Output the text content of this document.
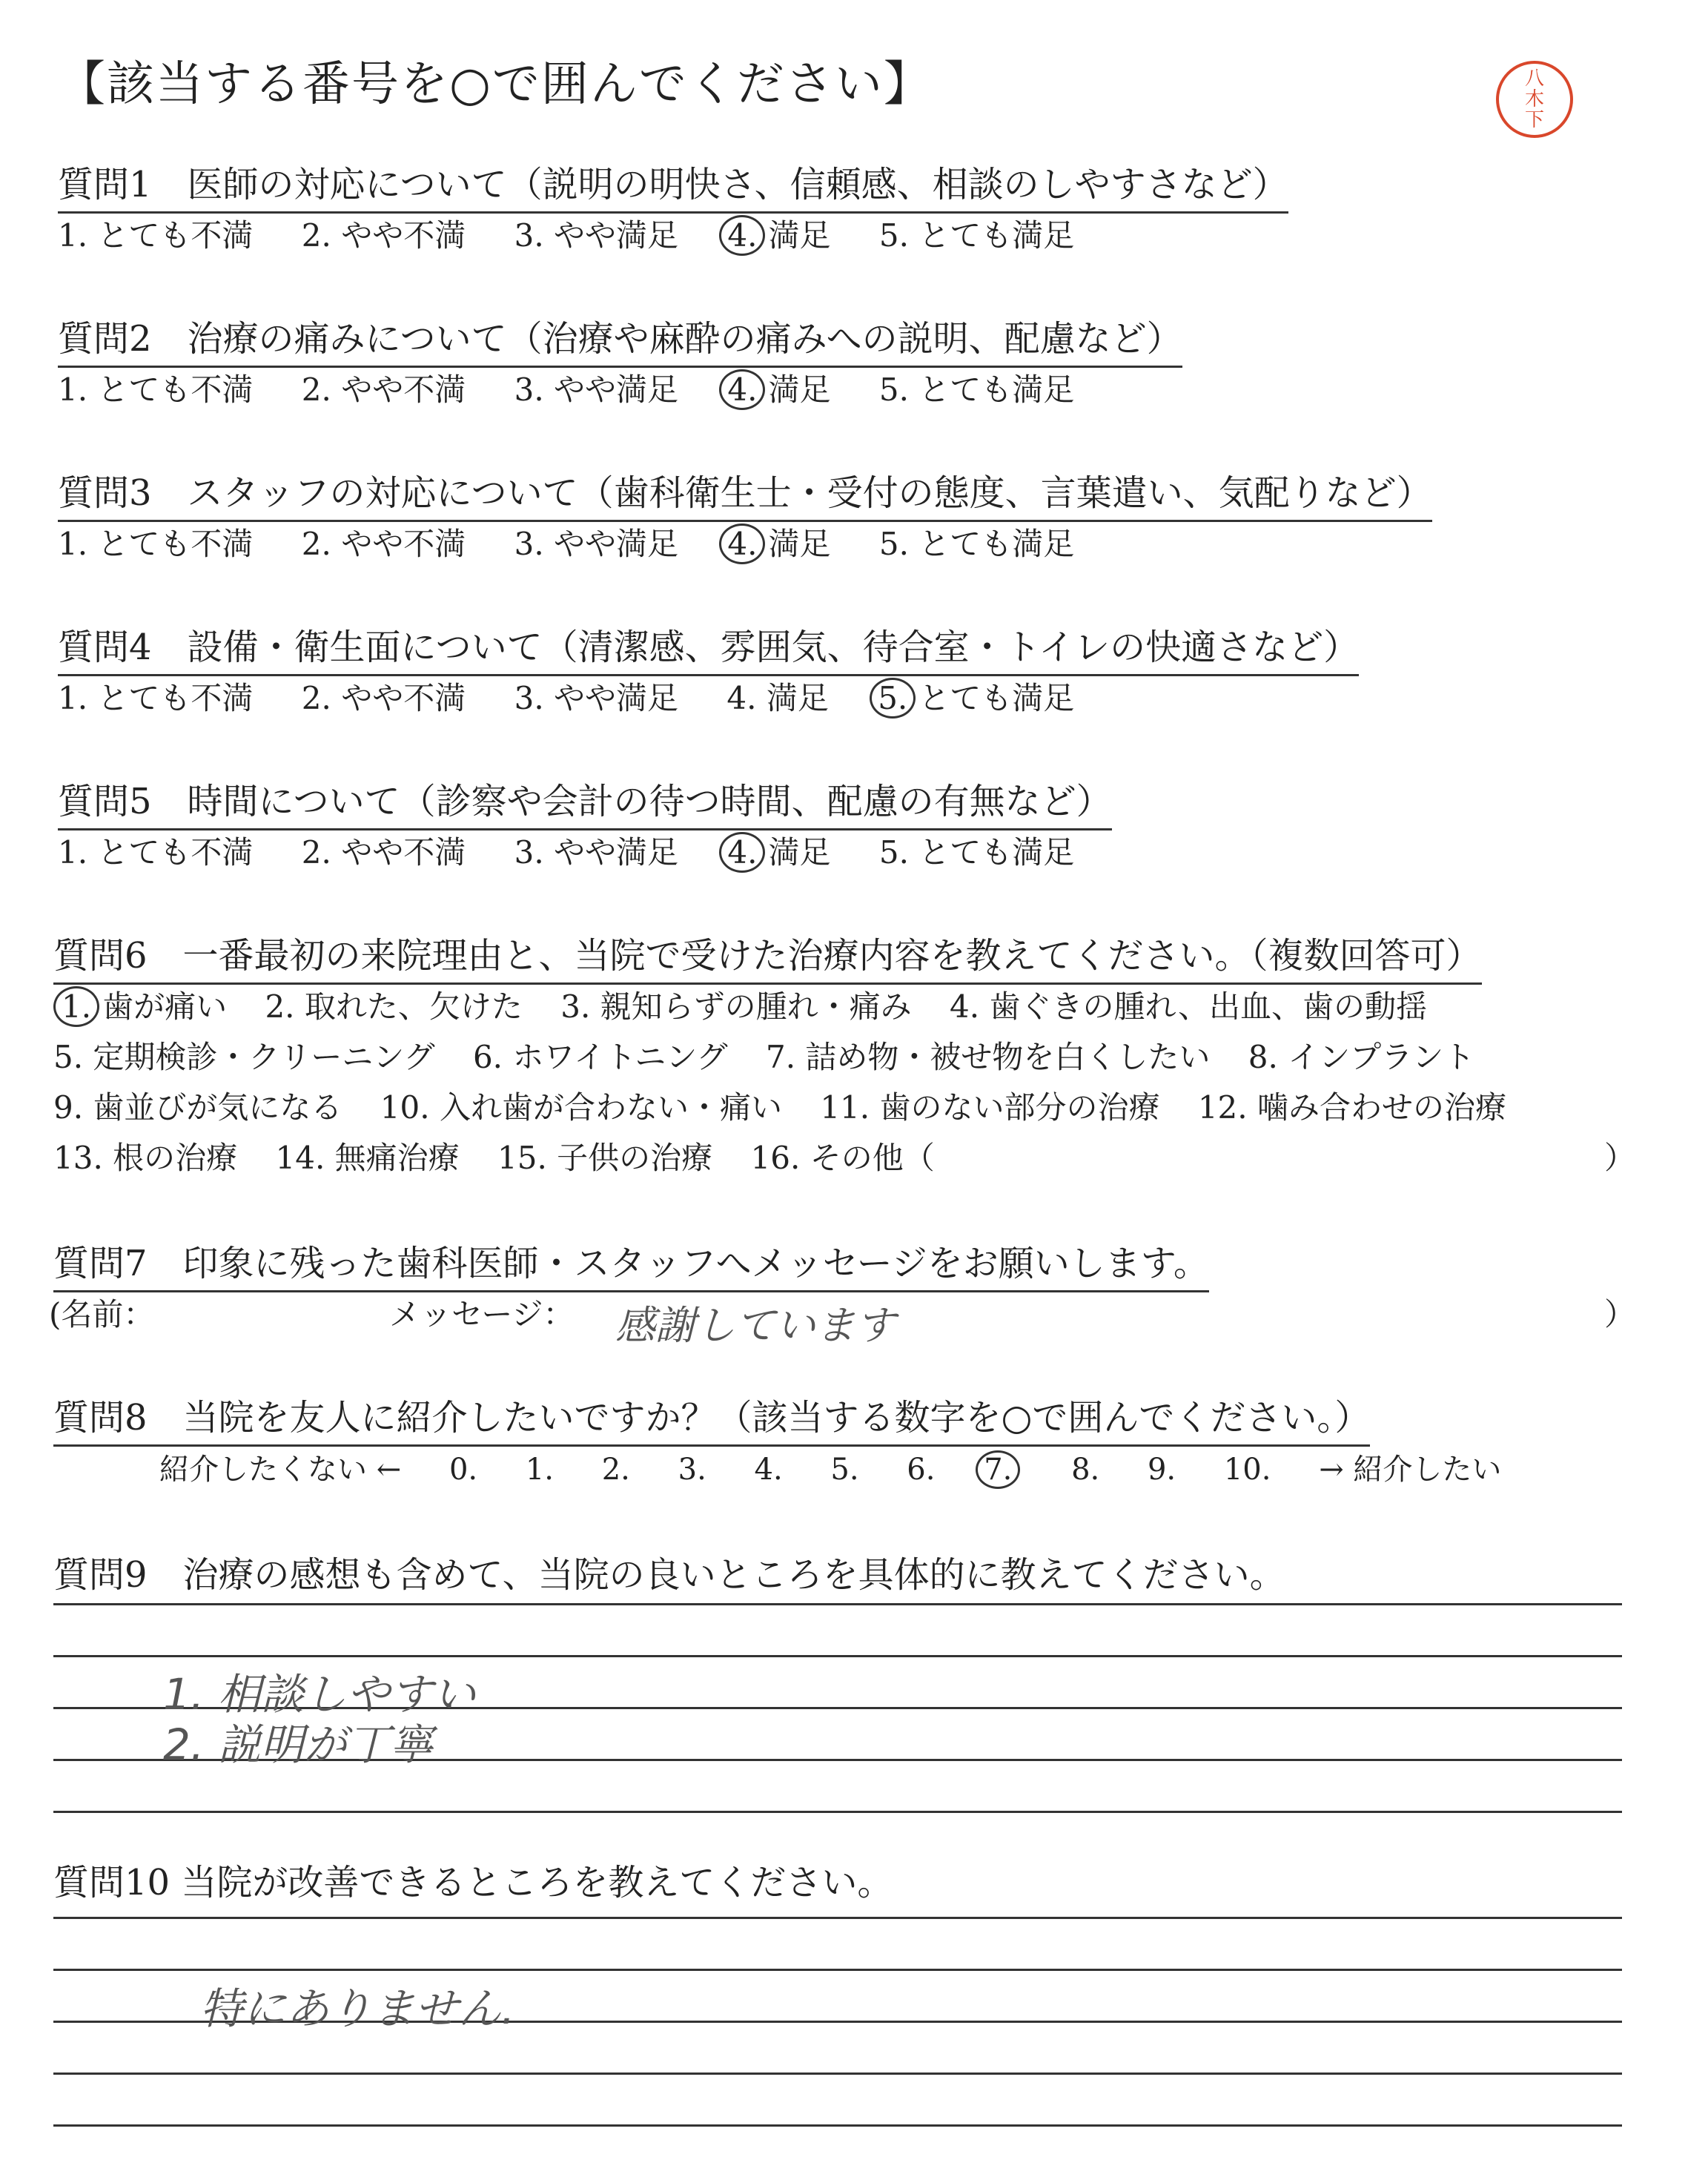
【該当する番号を○で囲んでください】	八
木
下
質問1　医師の対応について（説明の明快さ、信頼感、相談のしやすさなど）
1. とても不満 2. やや不満 3. やや満足 4. 満足 5. とても満足
質問2　治療の痛みについて（治療や麻酔の痛みへの説明、配慮など）
1. とても不満 2. やや不満 3. やや満足 4. 満足 5. とても満足
質問3　スタッフの対応について（歯科衛生士・受付の態度、言葉遣い、気配りなど）
1. とても不満 2. やや不満 3. やや満足 4. 満足 5. とても満足
質問4　設備・衛生面について（清潔感、雰囲気、待合室・トイレの快適さなど）
1. とても不満 2. やや不満 3. やや満足 4. 満足 5. とても満足
質問5　時間について（診察や会計の待つ時間、配慮の有無など）
1. とても不満 2. やや不満 3. やや満足 4. 満足 5. とても満足
質問6　一番最初の来院理由と、当院で受けた治療内容を教えてください。（複数回答可）
1. 歯が痛い 2. 取れた、欠けた 3. 親知らずの腫れ・痛み 4. 歯ぐきの腫れ、出血、歯の動揺
5. 定期検診・クリーニング 6. ホワイトニング 7. 詰め物・被せ物を白くしたい 8. インプラント
9. 歯並びが気になる 10. 入れ歯が合わない・痛い 11. 歯のない部分の治療 12. 噛み合わせの治療
13. 根の治療 14. 無痛治療 15. 子供の治療 16. その他（	）
質問7　印象に残った歯科医師・スタッフへメッセージをお願いします。
(名前：	メッセージ： 感謝しています	）
質問8　当院を友人に紹介したいですか？（該当する数字を○で囲んでください。）
紹介したくない ← 0. 1. 2. 3. 4. 5. 6. 7. 8. 9. 10. → 紹介したい
質問9　治療の感想も含めて、当院の良いところを具体的に教えてください。
1. 相談しやすい
2. 説明が丁寧
質問10 当院が改善できるところを教えてください。
特にありません.
